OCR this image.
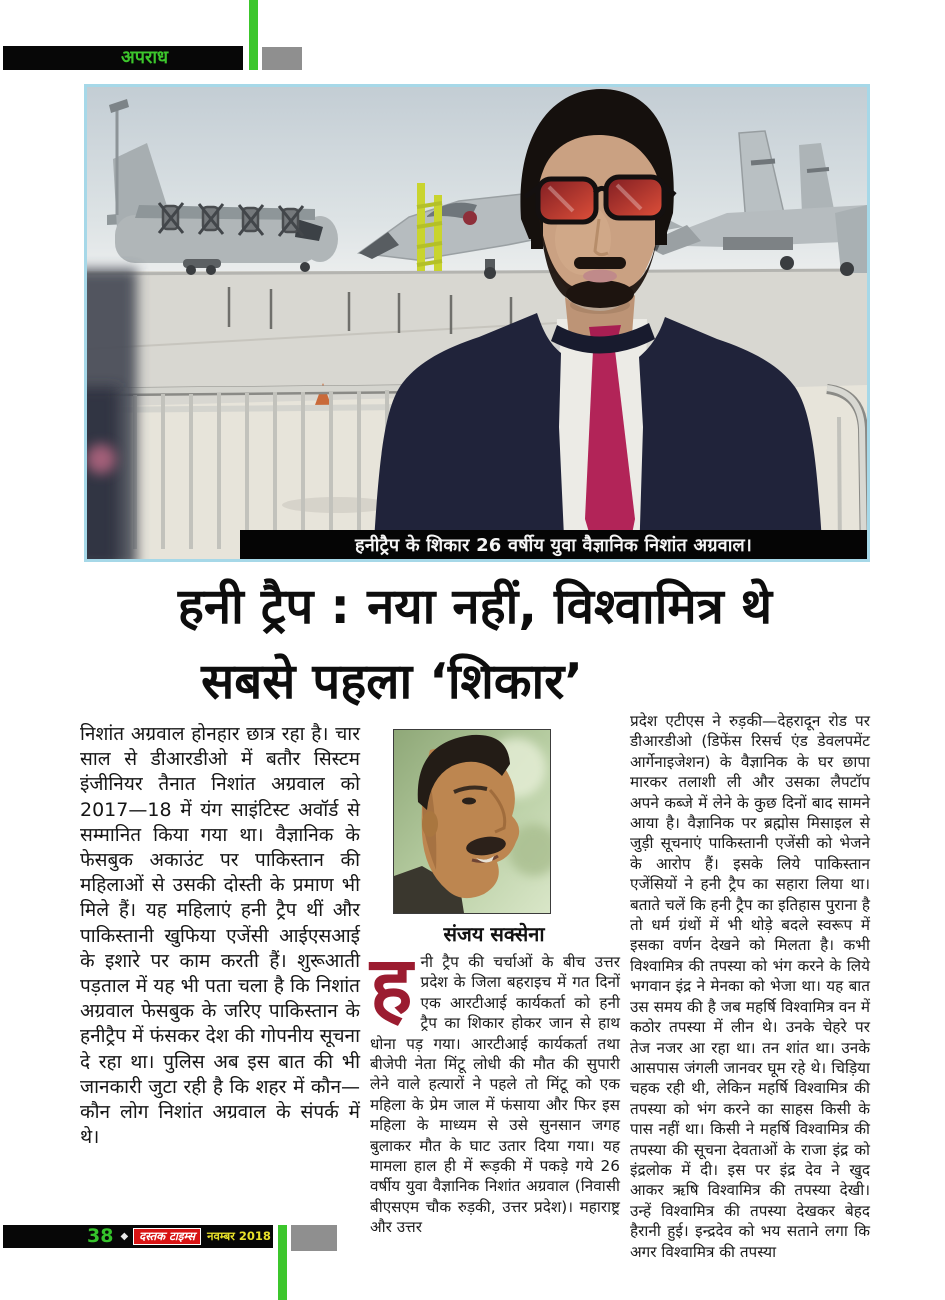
अपराध
हनीट्रैप के शिकार 26 वर्षीय युवा वैज्ञानिक निशांत अग्रवाल।
हनी ट्रैप : नया नहीं, विश्वामित्र थे
सबसे पहला ‘शिकार’
निशांत अग्रवाल होनहार छात्र रहा है। चार साल से डीआरडीओ में बतौर सिस्टम इंजीनियर तैनात निशांत अग्रवाल को 2017—18 में यंग साइंटिस्ट अवॉर्ड से सम्मानित किया गया था। वैज्ञानिक के फेसबुक अकाउंट पर पाकिस्तान की महिलाओं से उसकी दोस्ती के प्रमाण भी मिले हैं। यह महिलाएं हनी ट्रैप थीं और पाकिस्तानी खुफिया एजेंसी आईएसआई के इशारे पर काम करती हैं। शुरूआती पड़ताल में यह भी पता चला है कि निशांत अग्रवाल फेसबुक के जरिए पाकिस्तान के हनीट्रैप में फंसकर देश की गोपनीय सूचना दे रहा था। पुलिस अब इस बात की भी जानकारी जुटा रही है कि शहर में कौन—कौन लोग निशांत अग्रवाल के संपर्क में थे।
संजय सक्सेना
हनी ट्रैप की चर्चाओं के बीच उत्तर प्रदेश के जिला बहराइच में गत दिनों एक आरटीआई कार्यकर्ता को हनी ट्रैप का शिकार होकर जान से हाथ धोना पड़ गया। आरटीआई कार्यकर्ता तथा बीजेपी नेता मिंटू लोधी की मौत की सुपारी लेने वाले हत्यारों ने पहले तो मिंटू को एक महिला के प्रेम जाल में फंसाया और फिर इस महिला के माध्यम से उसे सुनसान जगह बुलाकर मौत के घाट उतार दिया गया। यह मामला हाल ही में रूड़की में पकड़े गये 26 वर्षीय युवा वैज्ञानिक निशांत अग्रवाल (निवासी बीएसएम चौक रुड़की, उत्तर प्रदेश)। महाराष्ट्र और उत्तर
प्रदेश एटीएस ने रुड़की—देहरादून रोड पर डीआरडीओ (डिफेंस रिसर्च एंड डेवलपमेंट आर्गेनाइजेशन) के वैज्ञानिक के घर छापा मारकर तलाशी ली और उसका लैपटॉप अपने कब्जे में लेने के कुछ दिनों बाद सामने आया है। वैज्ञानिक पर ब्रह्मोस मिसाइल से जुड़ी सूचनाएं पाकिस्तानी एजेंसी को भेजने के आरोप हैं। इसके लिये पाकिस्तान एजेंसियों ने हनी ट्रैप का सहारा लिया था। बताते चलें कि हनी ट्रैप का इतिहास पुराना है तो धर्म ग्रंथों में भी थोड़े बदले स्वरूप में इसका वर्णन देखने को मिलता है। कभी विश्वामित्र की तपस्या को भंग करने के लिये भगवान इंद्र ने मेनका को भेजा था। यह बात उस समय की है जब महर्षि विश्वामित्र वन में कठोर तपस्या में लीन थे। उनके चेहरे पर तेज नजर आ रहा था। तन शांत था। उनके आसपास जंगली जानवर घूम रहे थे। चिड़िया चहक रही थी, लेकिन महर्षि विश्वामित्र की तपस्या को भंग करने का साहस किसी के पास नहीं था। किसी ने महर्षि विश्वामित्र की तपस्या की सूचना देवताओं के राजा इंद्र को इंद्रलोक में दी। इस पर इंद्र देव ने खुद आकर ऋषि विश्वामित्र की तपस्या देखी। उन्हें विश्वामित्र की तपस्या देखकर बेहद हैरानी हुई। इन्द्रदेव को भय सताने लगा कि अगर विश्वामित्र की तपस्या
38 ◆ दस्तक टाइम्स	नवम्बर 2018
